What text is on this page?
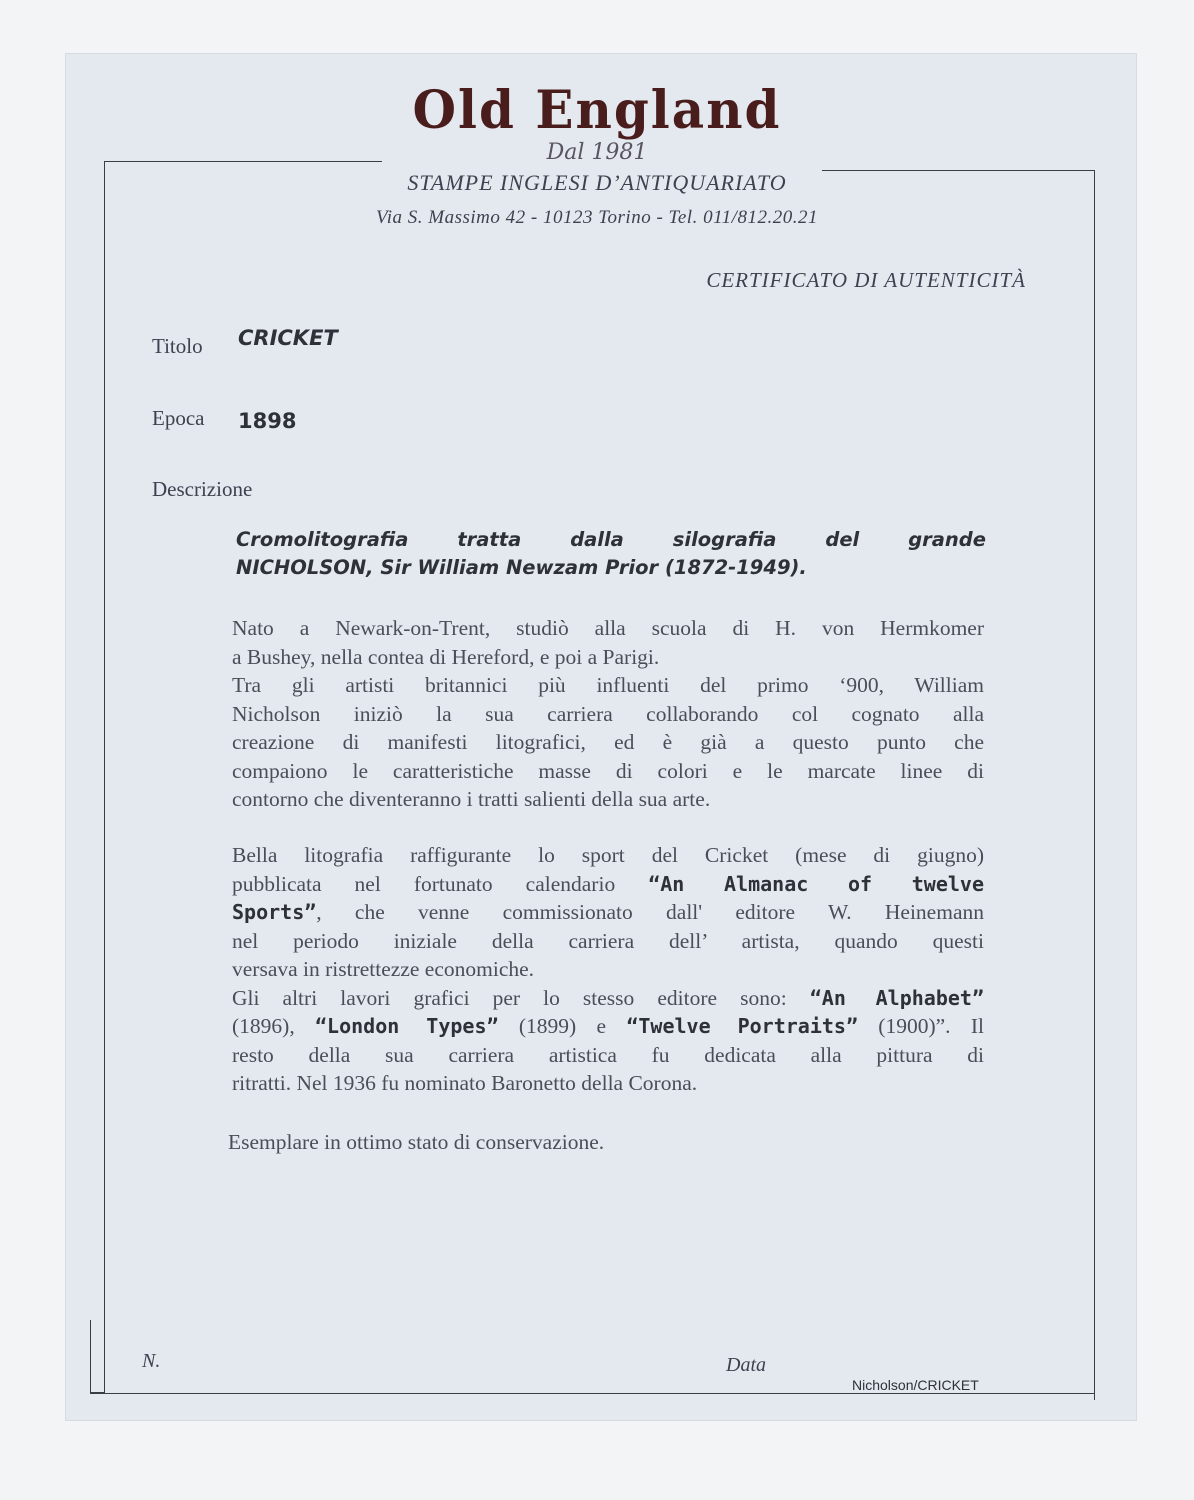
Old England
Dal 1981
STAMPE INGLESI D’ANTIQUARIATO
Via S. Massimo 42 - 10123 Torino - Tel. 011/812.20.21
CERTIFICATO DI AUTENTICITÀ
Titolo CRICKET
Epoca 1898
Descrizione
Cromolitografia tratta dalla silografia del grande
NICHOLSON, Sir William Newzam Prior (1872-1949).
Nato a Newark-on-Trent, studiò alla scuola di H. von Hermkomer
a Bushey, nella contea di Hereford, e poi a Parigi.
Tra gli artisti britannici più influenti del primo ‘900, William
Nicholson iniziò la sua carriera collaborando col cognato alla
creazione di manifesti litografici, ed è già a questo punto che
compaiono le caratteristiche masse di colori e le marcate linee di
contorno che diventeranno i tratti salienti della sua arte.
Bella litografia raffigurante lo sport del Cricket (mese di giugno)
pubblicata nel fortunato calendario “An Almanac of twelve
Sports”, che venne commissionato dall' editore W. Heinemann
nel periodo iniziale della carriera dell’ artista, quando questi
versava in ristrettezze economiche.
Gli altri lavori grafici per lo stesso editore sono: “An Alphabet”
(1896), “London Types” (1899) e “Twelve Portraits” (1900)”. Il
resto della sua carriera artistica fu dedicata alla pittura di
ritratti. Nel 1936 fu nominato Baronetto della Corona.
Esemplare in ottimo stato di conservazione.
N.	Data
Nicholson/CRICKET
